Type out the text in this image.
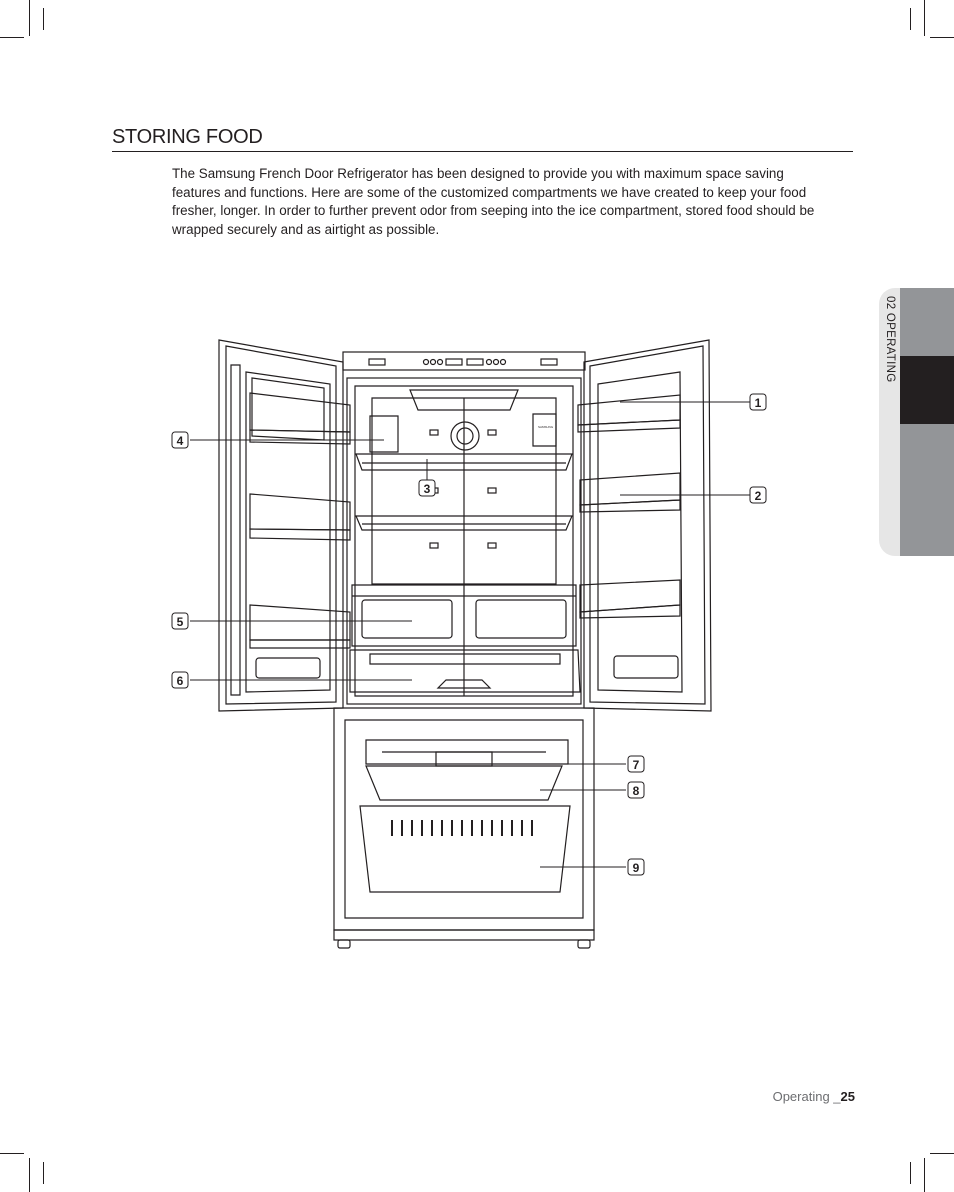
STORING FOOD

The Samsung French Door Refrigerator has been designed to provide you with maximum space saving features and functions. Here are some of the customized compartments we have created to keep your food fresher, longer. In order to further prevent odor from seeping into the ice compartment, stored food should be wrapped securely and as airtight as possible.

02 OPERATING
SAMSUNG
1
2
3
4
5
6
7
8
9
Operating _25
